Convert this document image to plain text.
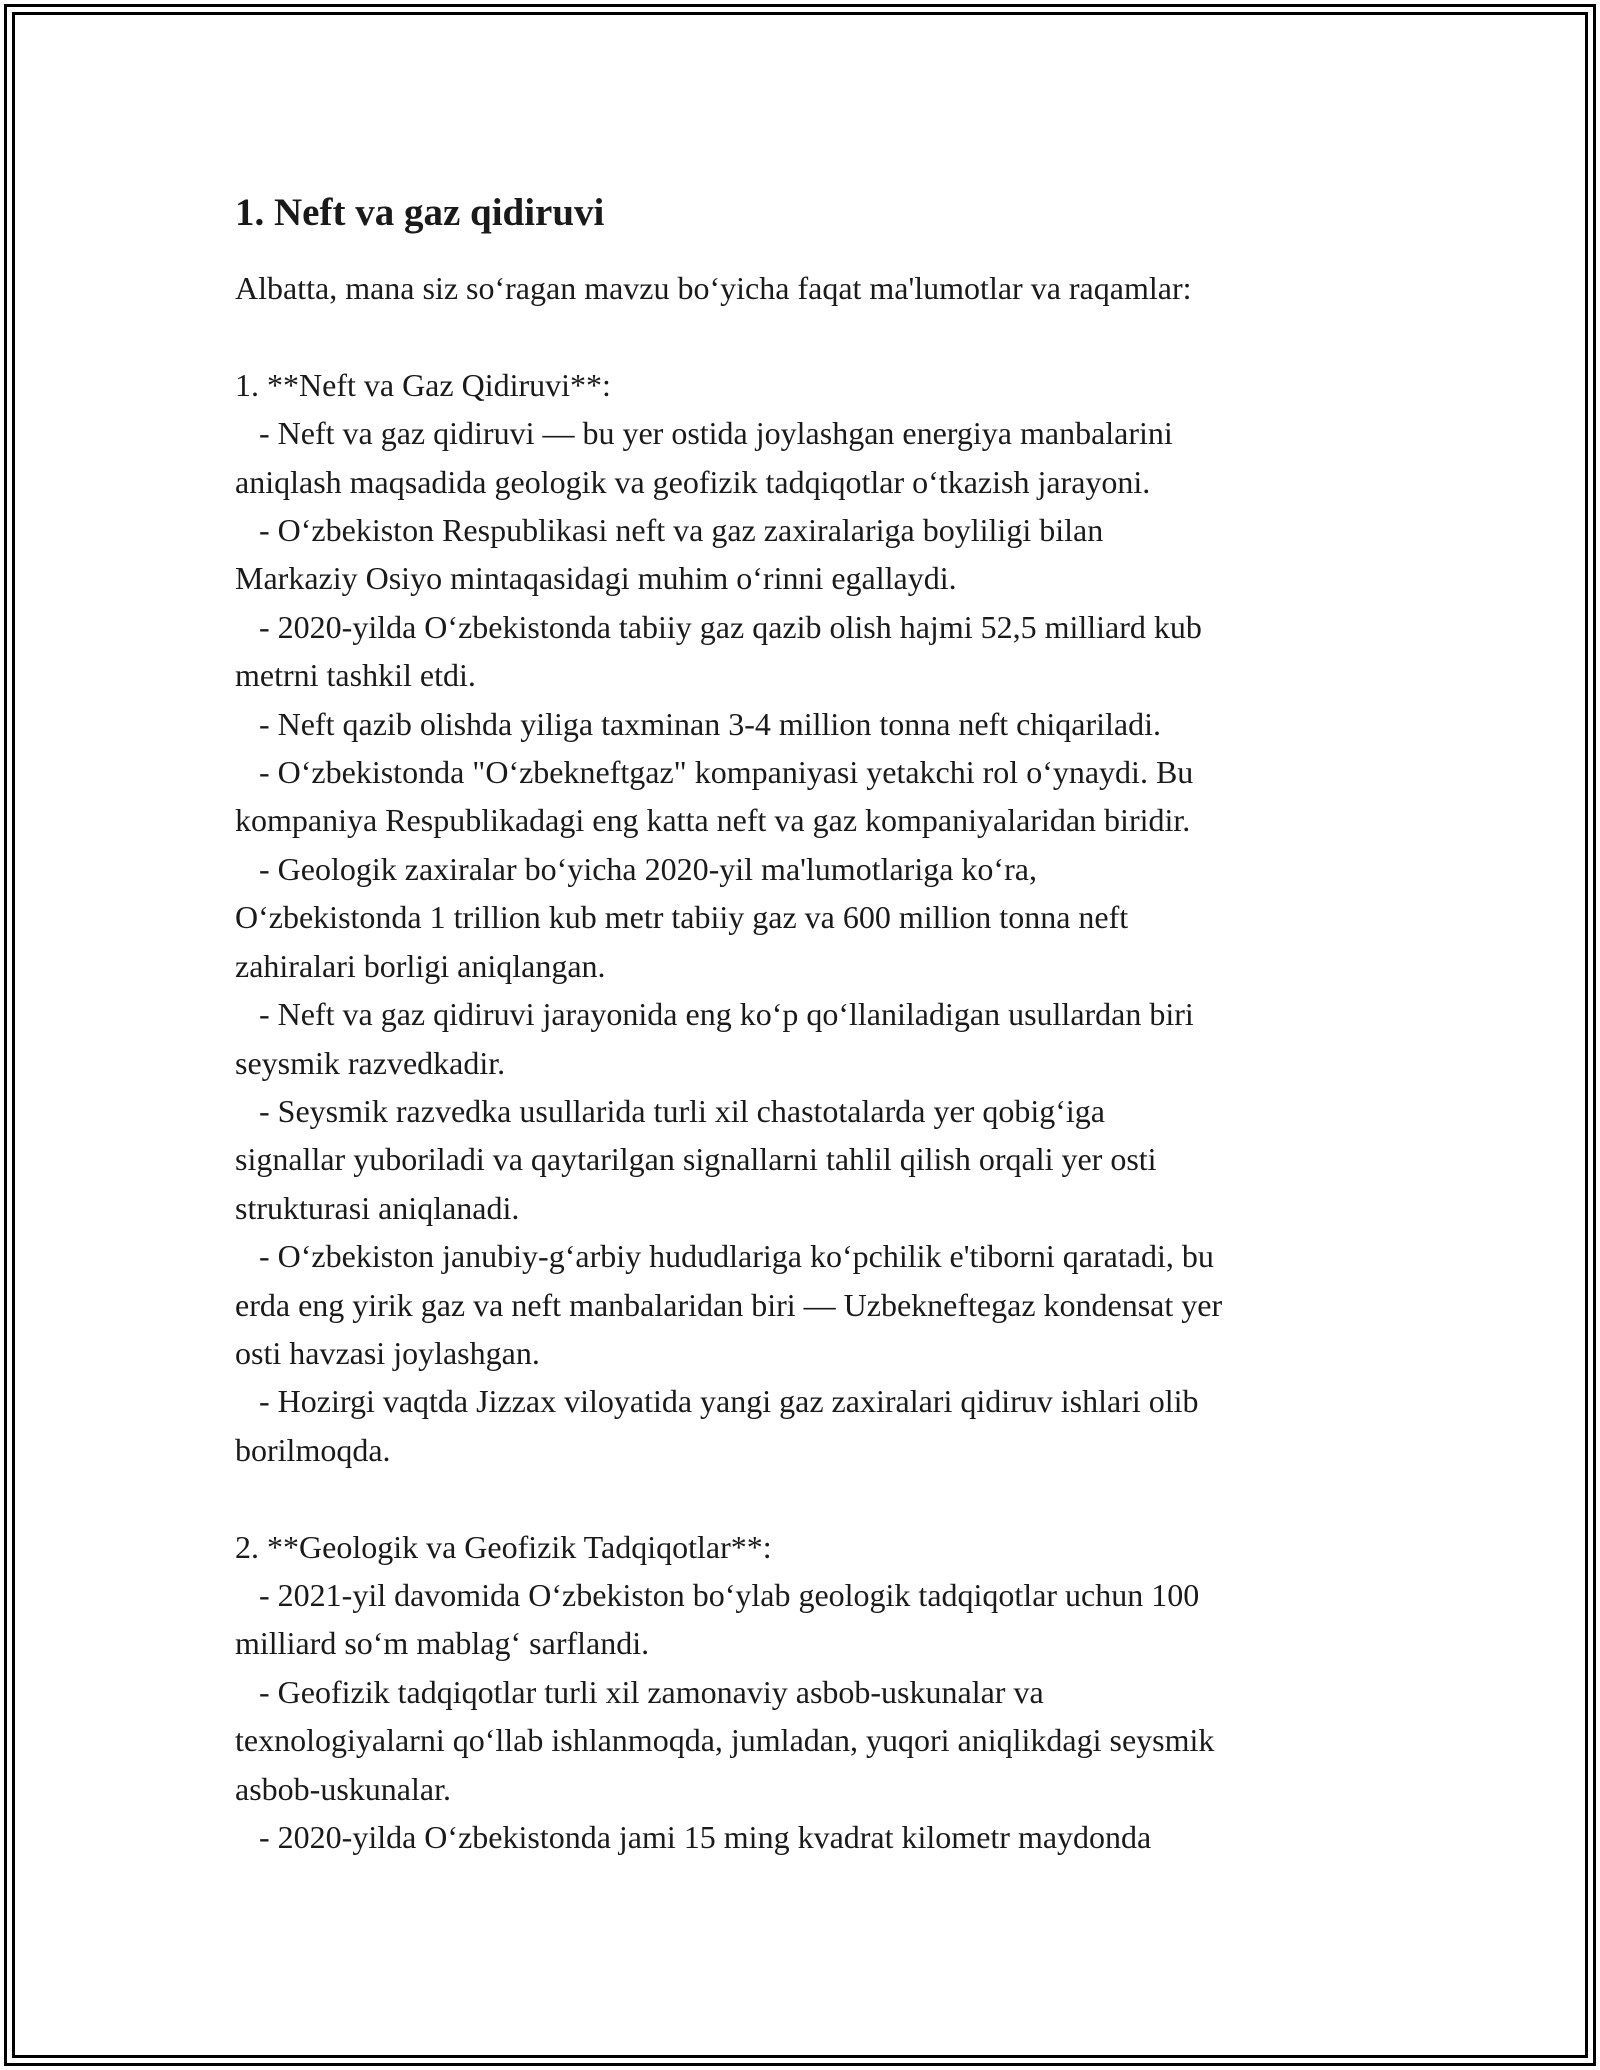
1. Neft va gaz qidiruvi

Albatta, mana siz so‘ragan mavzu bo‘yicha faqat ma'lumotlar va raqamlar:

1. **Neft va Gaz Qidiruvi**:

- Neft va gaz qidiruvi — bu yer ostida joylashgan energiya manbalarini

aniqlash maqsadida geologik va geofizik tadqiqotlar o‘tkazish jarayoni.

- O‘zbekiston Respublikasi neft va gaz zaxiralariga boyliligi bilan

Markaziy Osiyo mintaqasidagi muhim o‘rinni egallaydi.

- 2020-yilda O‘zbekistonda tabiiy gaz qazib olish hajmi 52,5 milliard kub

metrni tashkil etdi.

- Neft qazib olishda yiliga taxminan 3-4 million tonna neft chiqariladi.

- O‘zbekistonda "O‘zbekneftgaz" kompaniyasi yetakchi rol o‘ynaydi. Bu

kompaniya Respublikadagi eng katta neft va gaz kompaniyalaridan biridir.

- Geologik zaxiralar bo‘yicha 2020-yil ma'lumotlariga ko‘ra,

O‘zbekistonda 1 trillion kub metr tabiiy gaz va 600 million tonna neft

zahiralari borligi aniqlangan.

- Neft va gaz qidiruvi jarayonida eng ko‘p qo‘llaniladigan usullardan biri

seysmik razvedkadir.

- Seysmik razvedka usullarida turli xil chastotalarda yer qobig‘iga

signallar yuboriladi va qaytarilgan signallarni tahlil qilish orqali yer osti

strukturasi aniqlanadi.

- O‘zbekiston janubiy-g‘arbiy hududlariga ko‘pchilik e'tiborni qaratadi, bu

erda eng yirik gaz va neft manbalaridan biri — Uzbekneftegaz kondensat yer

osti havzasi joylashgan.

- Hozirgi vaqtda Jizzax viloyatida yangi gaz zaxiralari qidiruv ishlari olib

borilmoqda.

2. **Geologik va Geofizik Tadqiqotlar**:

- 2021-yil davomida O‘zbekiston bo‘ylab geologik tadqiqotlar uchun 100

milliard so‘m mablag‘ sarflandi.

- Geofizik tadqiqotlar turli xil zamonaviy asbob-uskunalar va

texnologiyalarni qo‘llab ishlanmoqda, jumladan, yuqori aniqlikdagi seysmik

asbob-uskunalar.

- 2020-yilda O‘zbekistonda jami 15 ming kvadrat kilometr maydonda
